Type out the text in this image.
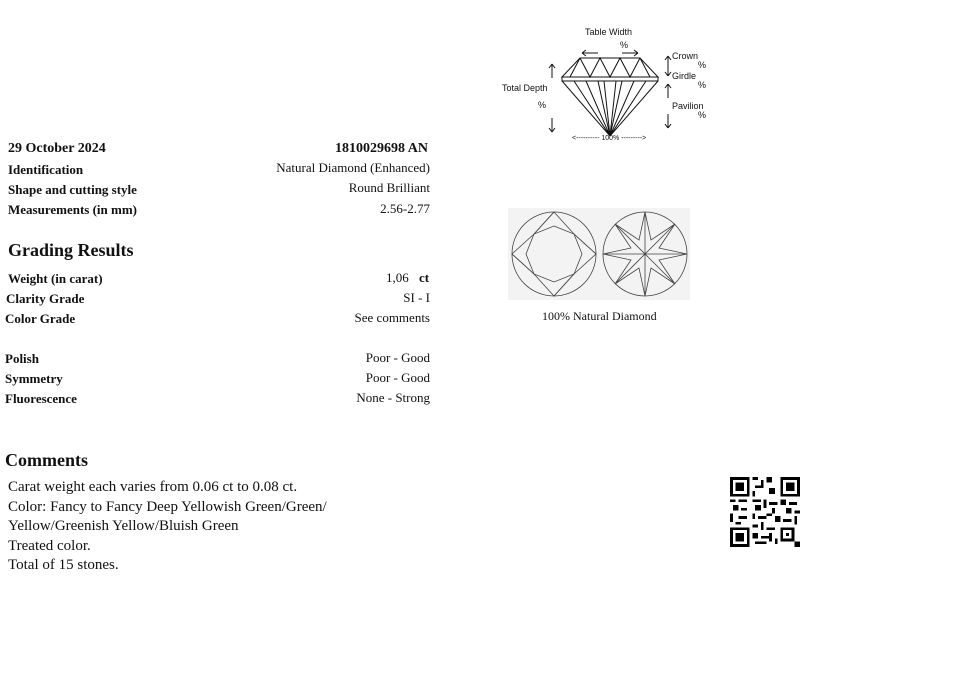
29 October 2024	1810029698 AN
Identification	Natural Diamond (Enhanced)
Shape and cutting style	Round Brilliant
Measurements (in mm)	2.56-2.77
Grading Results
Weight (in carat)	1,06 ct
Clarity Grade	SI - I
Color Grade	See comments
Polish	Poor - Good
Symmetry	Poor - Good
Fluorescence	None - Strong
Comments
Carat weight each varies from 0.06 ct to 0.08 ct.
Color: Fancy to Fancy Deep Yellowish Green/Green/
Yellow/Greenish Yellow/Bluish Green
Treated color.
Total of 15 stones.
Table Width
%
Crown
%
Girdle
%
Pavilion
%
Total Depth
%
<---------- 100% --------->
100% Natural Diamond
